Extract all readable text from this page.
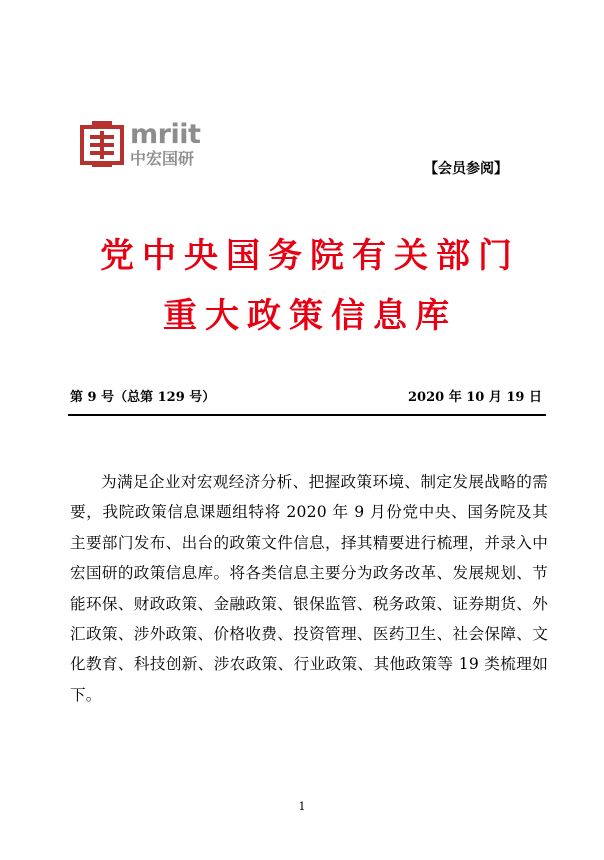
mriit
中宏国研
【会员参阅】
党中央国务院有关部门
重大政策信息库
第 9 号（总第 129 号）	2020 年 10 月 19 日

为满足企业对宏观经济分析、把握政策环境、制定发展战略的需要，我院政策信息课题组特将 2020 年 9 月份党中央、国务院及其主要部门发布、出台的政策文件信息，择其精要进行梳理，并录入中宏国研的政策信息库。将各类信息主要分为政务改革、发展规划、节能环保、财政政策、金融政策、银保监管、税务政策、证券期货、外汇政策、涉外政策、价格收费、投资管理、医药卫生、社会保障、文化教育、科技创新、涉农政策、行业政策、其他政策等 19 类梳理如下。

1
